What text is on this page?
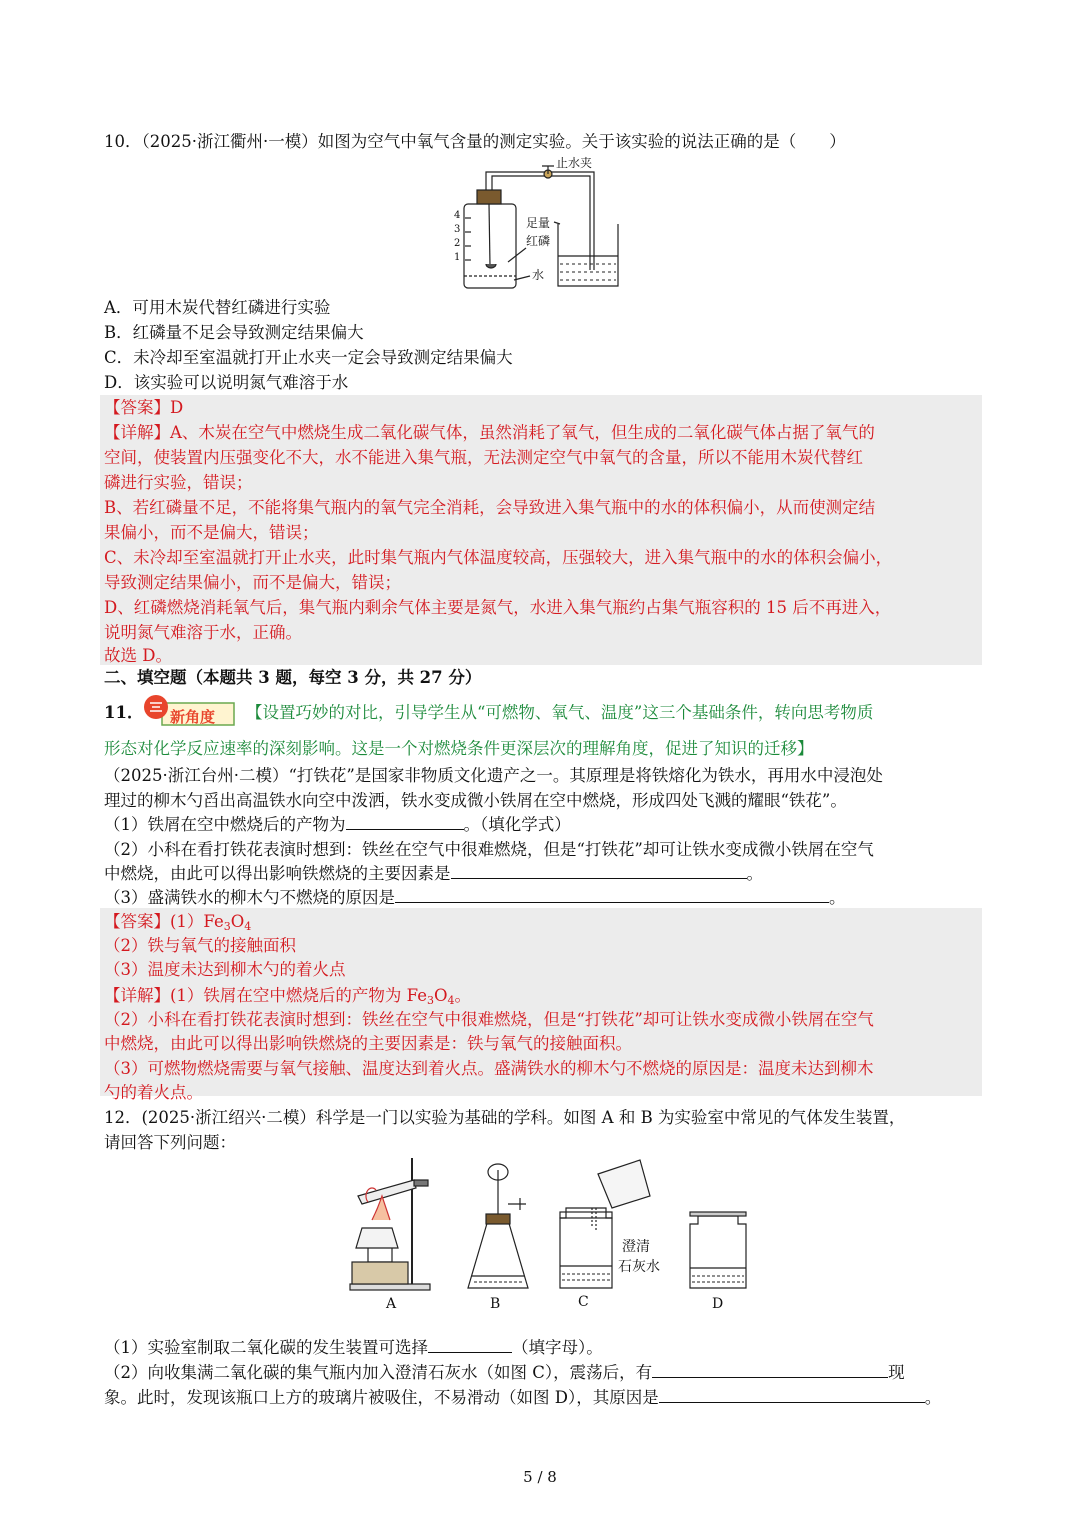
10．（2025·浙江衢州·一模）如图为空气中氧气含量的测定实验。关于该实验的说法正确的是（　　）
止水夹
足量
红磷
水
4
3
2
1
A．可用木炭代替红磷进行实验
B．红磷量不足会导致测定结果偏大
C．未冷却至室温就打开止水夹一定会导致测定结果偏大
D．该实验可以说明氮气难溶于水
【答案】D
【详解】A、木炭在空气中燃烧生成二氧化碳气体，虽然消耗了氧气，但生成的二氧化碳气体占据了氧气的
空间，使装置内压强变化不大，水不能进入集气瓶，无法测定空气中氧气的含量，所以不能用木炭代替红
磷进行实验，错误；
B、若红磷量不足，不能将集气瓶内的氧气完全消耗，会导致进入集气瓶中的水的体积偏小，从而使测定结
果偏小，而不是偏大，错误；
C、未冷却至室温就打开止水夹，此时集气瓶内气体温度较高，压强较大，进入集气瓶中的水的体积会偏小，
导致测定结果偏小，而不是偏大，错误；
D、红磷燃烧消耗氧气后，集气瓶内剩余气体主要是氮气，水进入集气瓶约占集气瓶容积的 15 后不再进入，
说明氮气难溶于水，正确。
故选 D。
二、填空题（本题共 3 题，每空 3 分，共 27 分）
11． 新角度 【设置巧妙的对比，引导学生从“可燃物、氧气、温度”这三个基础条件，转向思考物质
形态对化学反应速率的深刻影响。这是一个对燃烧条件更深层次的理解角度，促进了知识的迁移】
（2025·浙江台州·二模）“打铁花”是国家非物质文化遗产之一。其原理是将铁熔化为铁水，再用水中浸泡处
理过的柳木勺舀出高温铁水向空中泼洒，铁水变成微小铁屑在空中燃烧，形成四处飞溅的耀眼“铁花”。
（1）铁屑在空中燃烧后的产物为	。（填化学式）
（2）小科在看打铁花表演时想到：铁丝在空气中很难燃烧，但是“打铁花”却可让铁水变成微小铁屑在空气
中燃烧，由此可以得出影响铁燃烧的主要因素是	。
（3）盛满铁水的柳木勺不燃烧的原因是	。
【答案】$(1)Fe_3O_4$
（2）铁与氧气的接触面积
（3）温度未达到柳木勺的着火点
【详解】(1）铁屑在空中燃烧后的产物为 $Fe_3O_4$。
（2）小科在看打铁花表演时想到：铁丝在空气中很难燃烧，但是“打铁花”却可让铁水变成微小铁屑在空气
中燃烧，由此可以得出影响铁燃烧的主要因素是：铁与氧气的接触面积。
（3）可燃物燃烧需要与氧气接触、温度达到着火点。盛满铁水的柳木勺不燃烧的原因是：温度未达到柳木
勺的着火点。
12．(2025·浙江绍兴·二模）科学是一门以实验为基础的学科。如图 A 和 B 为实验室中常见的气体发生装置，
请回答下列问题：
A	B	C	D
澄清
石灰水
（1）实验室制取二氧化碳的发生装置可选择	（填字母）。
（2）向收集满二氧化碳的集气瓶内加入澄清石灰水（如图 C），震荡后，有	现
象。此时，发现该瓶口上方的玻璃片被吸住，不易滑动（如图 D），其原因是	。
5 / 8
